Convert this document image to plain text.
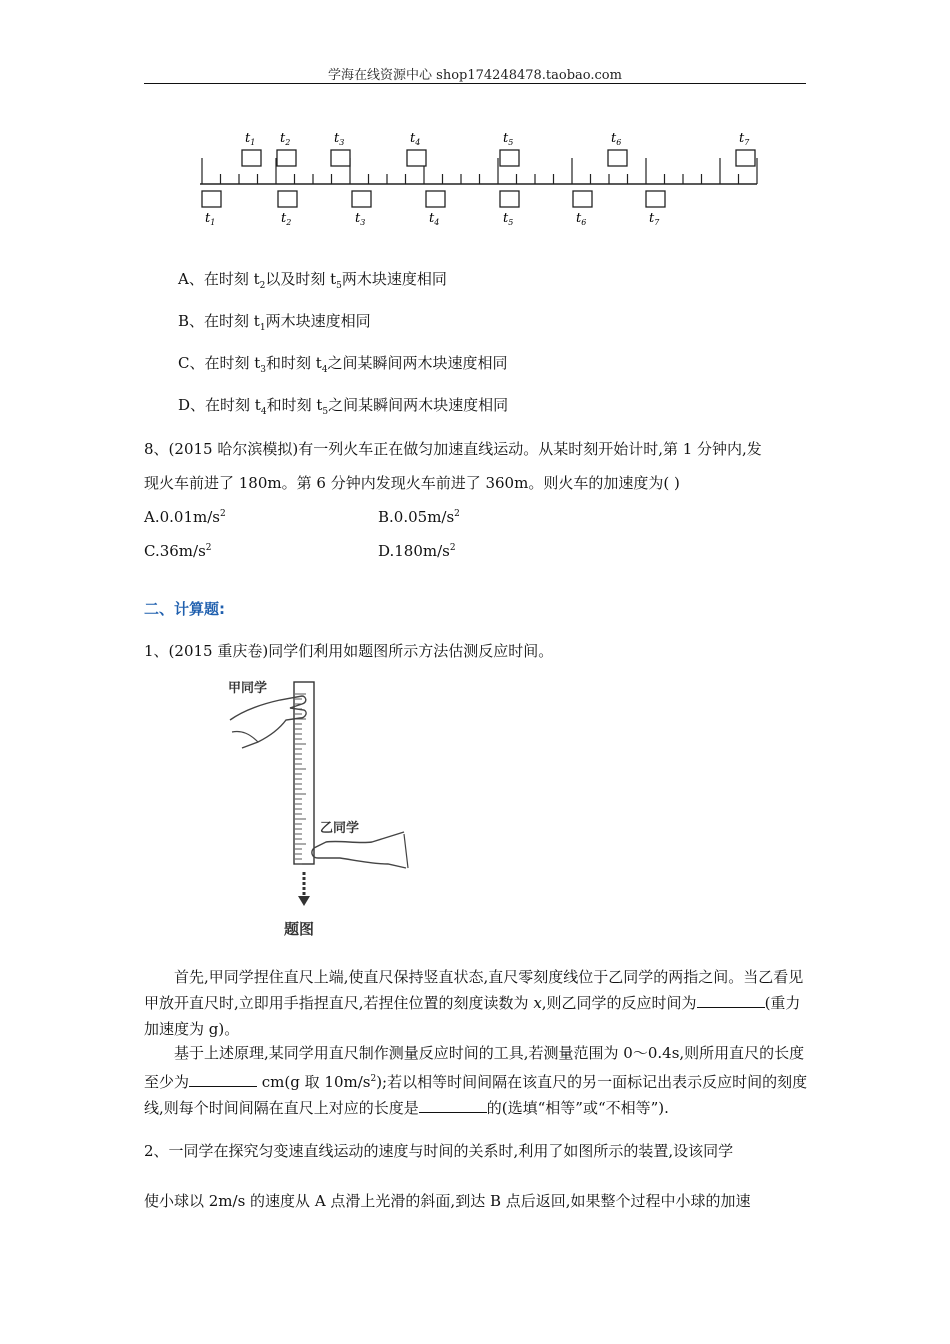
学海在线资源中心 shop174248478.taobao.com
$t_1$ $t_2$	$t_3$	$t_4$	$t_5$	$t_6$	$t_7$
$t_1$	$t_2$	$t_3$	$t_4$	$t_5$	$t_6$	$t_7$
A、在时刻 $t_2$以及时刻 $t_5$两木块速度相同
B、在时刻 $t_1$两木块速度相同
C、在时刻 $t_3$和时刻 $t_4$之间某瞬间两木块速度相同
D、在时刻 $t_4$和时刻 $t_5$之间某瞬间两木块速度相同
8、(2015 哈尔滨模拟)有一列火车正在做匀加速直线运动。从某时刻开始计时,第 1 分钟内,发
现火车前进了 180m。第 6 分钟内发现火车前进了 360m。则火车的加速度为( )
$A.0.01m/s^2$	$B.0.05m/s^2$
$C.36m/s^2$	$D.180m/s^2$
二、计算题:
1、(2015 重庆卷)同学们利用如题图所示方法估测反应时间。
甲同学
乙同学
题图
首先,甲同学捏住直尺上端,使直尺保持竖直状态,直尺零刻度线位于乙同学的两指之间。当乙看见甲放开直尺时,立即用手指捏直尺,若捏住位置的刻度读数为 x,则乙同学的反应时间为	(重力加速度为 g)。
基于上述原理,某同学用直尺制作测量反应时间的工具,若测量范围为 0～0.4s,则所用直尺的长度至少为	cm(g 取 $10m/s^2$);若以相等时间间隔在该直尺的另一面标记出表示反应时间的刻度线,则每个时间间隔在直尺上对应的长度是	的(选填“相等”或“不相等”).
2、一同学在探究匀变速直线运动的速度与时间的关系时,利用了如图所示的装置,设该同学
使小球以 2m/s 的速度从 A 点滑上光滑的斜面,到达 B 点后返回,如果整个过程中小球的加速
